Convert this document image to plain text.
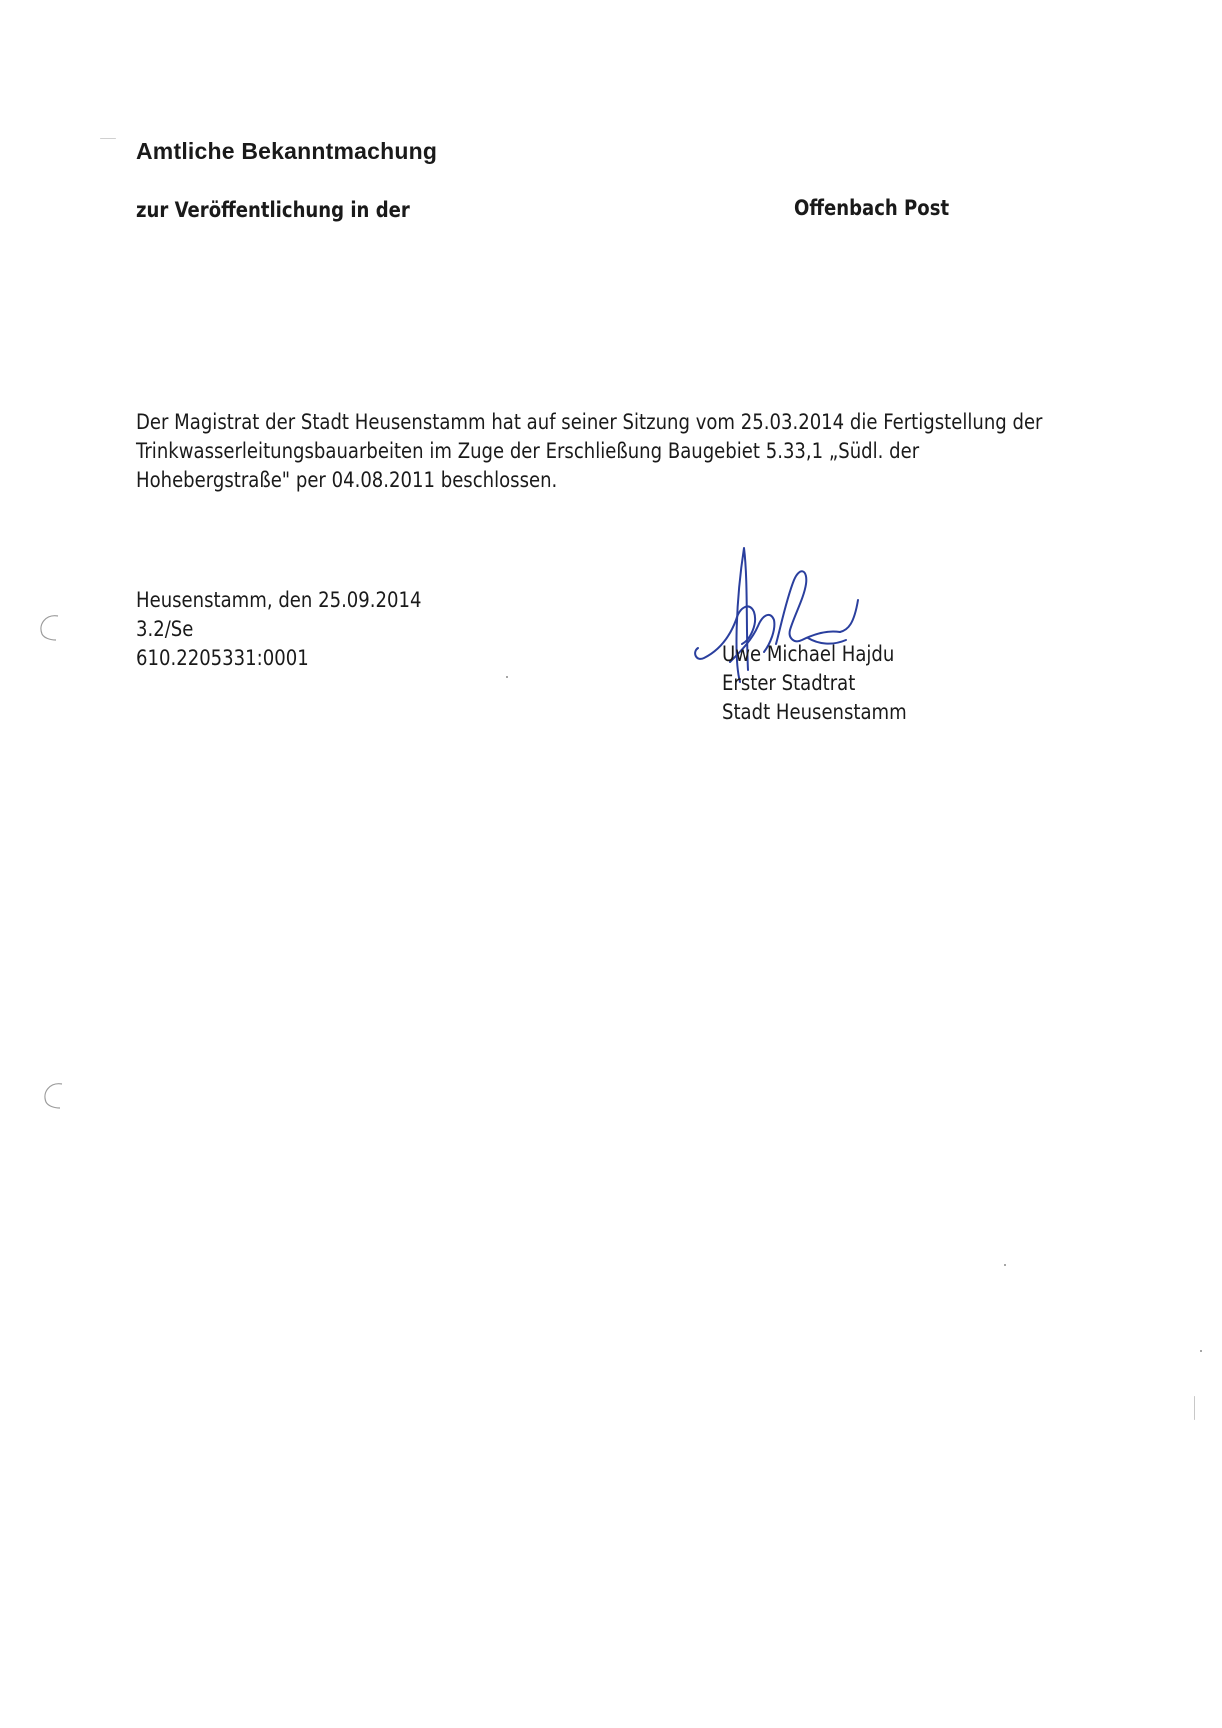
Amtliche Bekanntmachung
zur Veröffentlichung in der	Offenbach Post
Der Magistrat der Stadt Heusenstamm hat auf seiner Sitzung vom 25.03.2014 die Fertigstellung der
Trinkwasserleitungsbauarbeiten im Zuge der Erschließung Baugebiet 5.33,1 „Südl. der
Hohebergstraße" per 04.08.2011 beschlossen.
Heusenstamm, den 25.09.2014
3.2/Se
610.2205331:0001	Uwe Michael Hajdu
Erster Stadtrat
Stadt Heusenstamm
